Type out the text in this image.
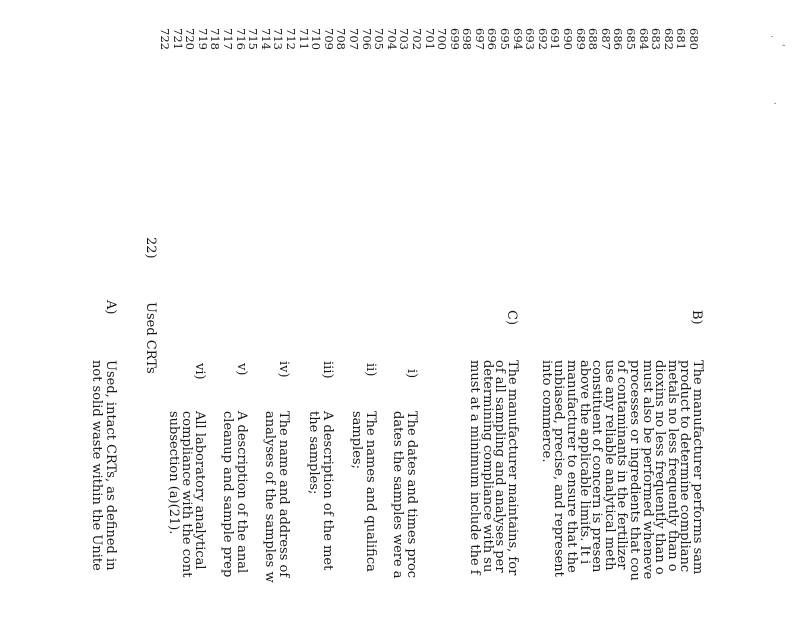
680
681
682
683
684
685
686
687
688
689
690
691
692
693
694
695
696
697
698
699
700
701
702
703
704
705
706
707
708
709
710
711
712
713
714
715
716
717
718
719
720
721
722
B)
The manufacturer performs sam
product to determine complianc
metals no less frequently than o
dioxins no less frequently than o
must also be performed wheneve
processes or ingredients that cou
of contaminants in the fertilizer
use any reliable analytical meth
constituent of concern is presen
above the applicable limits. It i
manufacturer to ensure that the
unbiased, precise, and represent
into commerce.
C)
The manufacturer maintains, for
of all sampling and analyses per
determining compliance with su
must at a minimum include the f
i)
The dates and times proc
dates the samples were a
ii)
The names and qualifica
samples;
iii)
A description of the met
the samples;
iv)
The name and address of
analyses of the samples w
v)
A description of the anal
cleanup and sample prep
vi)
All laboratory analytical
compliance with the cont
subsection (a)(21).
22)
Used CRTs
A)
Used, intact CRTs, as defined in
not solid waste within the Unite
·
'
·
